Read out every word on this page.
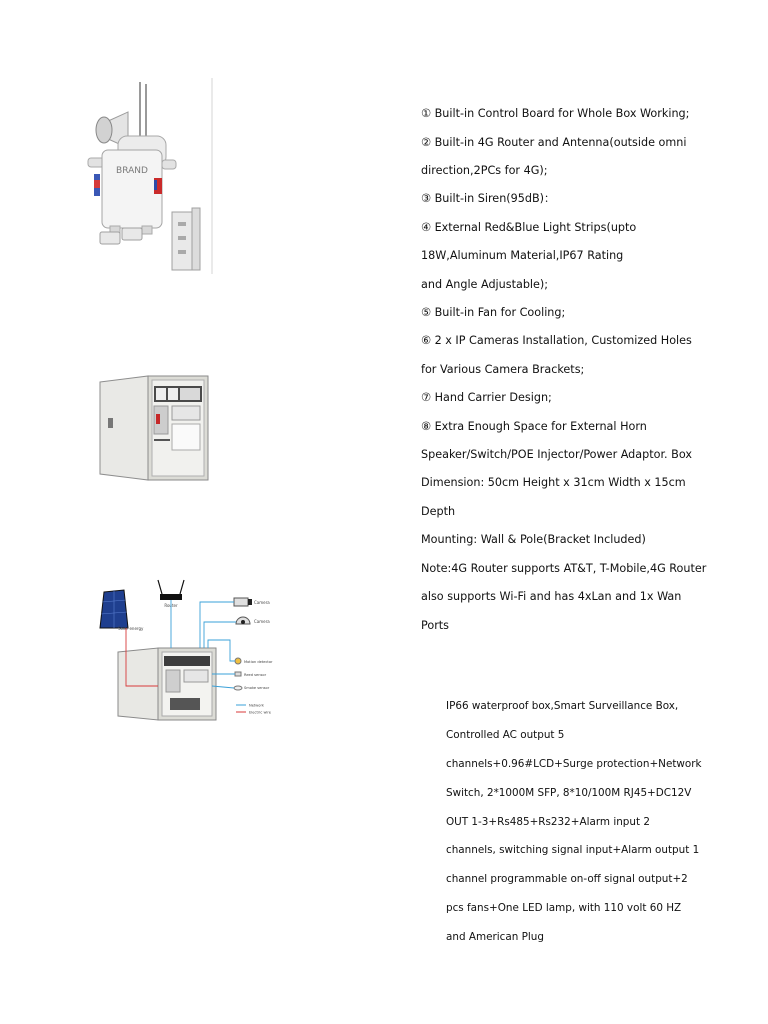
BRAND

① Built-in Control Board for Whole Box Working;

② Built-in 4G Router and Antenna(outside omni

direction,2PCs for 4G);

③ Built-in Siren(95dB)：

④ External Red&Blue Light Strips(upto

18W,Aluminum Material,IP67 Rating

and Angle Adjustable);

⑤ Built-in Fan for Cooling;

⑥ 2 x IP Cameras Installation, Customized Holes

for Various Camera Brackets;

⑦ Hand Carrier Design;

⑧ Extra Enough Space for External Horn

Speaker/Switch/POE Injector/Power Adaptor. Box

Dimension: 50cm Height x 31cm Width x 15cm

Depth

Mounting: Wall & Pole(Bracket Included)

Note:4G Router supports AT&T, T-Mobile,4G Router

also supports Wi-Fi and has 4xLan and 1x Wan

Ports

Solar energy
Router
Camera
Camera
Motion detector
Reed sensor
Smoke sensor
Network
Electric wire

IP66 waterproof box,Smart Surveillance Box,

Controlled AC output 5

channels+0.96#LCD+Surge protection+Network

Switch, 2*1000M SFP, 8*10/100M RJ45+DC12V

OUT 1-3+Rs485+Rs232+Alarm input 2

channels, switching signal input+Alarm output 1

channel programmable on-off signal output+2

pcs fans+One LED lamp, with 110 volt 60 HZ

and American Plug
